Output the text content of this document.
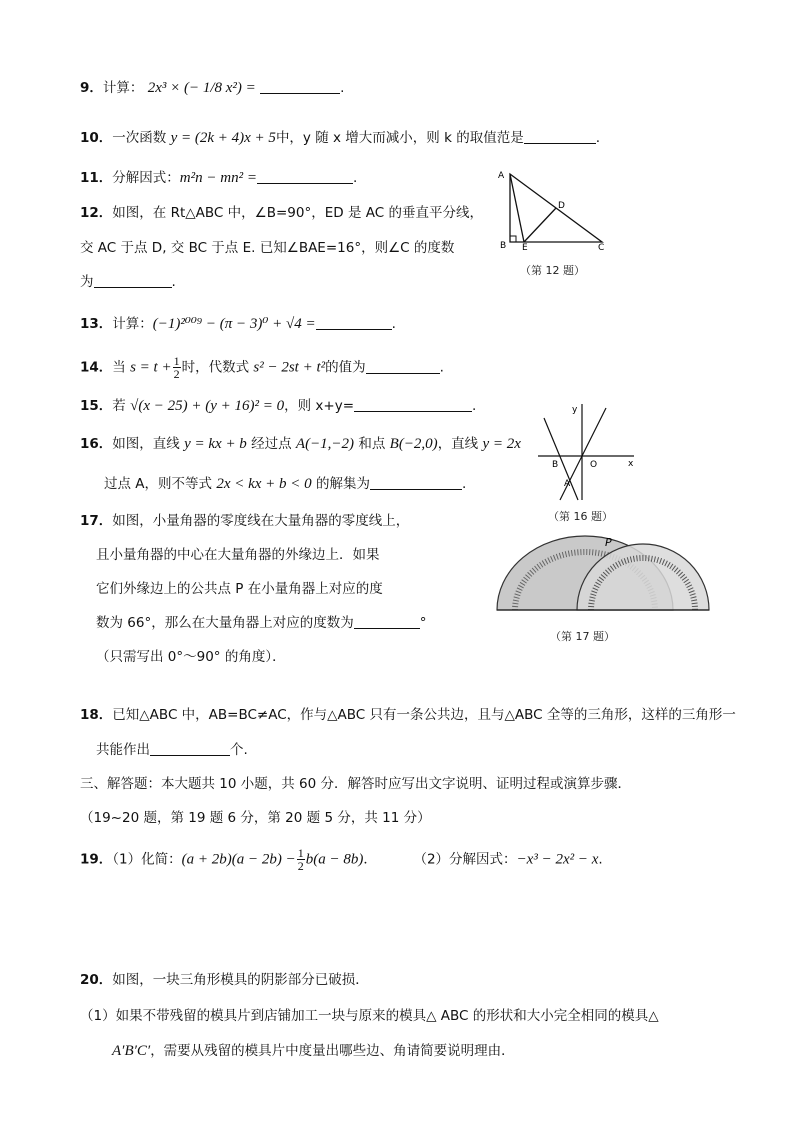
9．计算： 2x³ × (− 1/8 x²) =	.
10．一次函数 y = (2k + 4)x + 5中，y 随 x 增大而减小，则 k 的取值范是	.
11．分解因式：m²n − mn² =	.
12．如图，在 Rt△ABC 中，∠B=90°，ED 是 AC 的垂直平分线，
交 AC 于点 D, 交 BC 于点 E. 已知∠BAE=16°，则∠C 的度数
为	.
A
B E
D
C
（第 12 题）
13．计算：(−1)²⁰⁰⁹ − (π − 3)⁰ + √4 =	.
14．当 $s = t + \frac{1}{2}$ 时，代数式 s² − 2st + t²的值为	.
15．若 √(x − 25) + (y + 16)² = 0，则 x+y=	.
16．如图，直线 y = kx + b 经过点 A(−1,−2) 和点 B(−2,0)，直线 y = 2x
过点 A，则不等式 2x < kx + b < 0 的解集为	.
y
x
B	O
A
（第 16 题）
17．如图，小量角器的零度线在大量角器的零度线上，
且小量角器的中心在大量角器的外缘边上．如果
它们外缘边上的公共点 P 在小量角器上对应的度
数为 66°，那么在大量角器上对应的度数为	°
（只需写出 0°～90° 的角度）．
P
（第 17 题）
18．已知△ABC 中，AB=BC≠AC，作与△ABC 只有一条公共边，且与△ABC 全等的三角形，这样的三角形一
共能作出	个.
三、解答题：本大题共 10 小题，共 60 分．解答时应写出文字说明、证明过程或演算步骤．
（19~20 题，第 19 题 6 分，第 20 题 5 分，共 11 分）
19．（1）化简：$(a + 2b)(a - 2b) - \frac{1}{2} b(a - 8b)$．	（2）分解因式：−x³ − 2x² − x.
20．如图，一块三角形模具的阴影部分已破损．
（1）如果不带残留的模具片到店铺加工一块与原来的模具△ ABC 的形状和大小完全相同的模具△
A′B′C′，需要从残留的模具片中度量出哪些边、角请简要说明理由．
